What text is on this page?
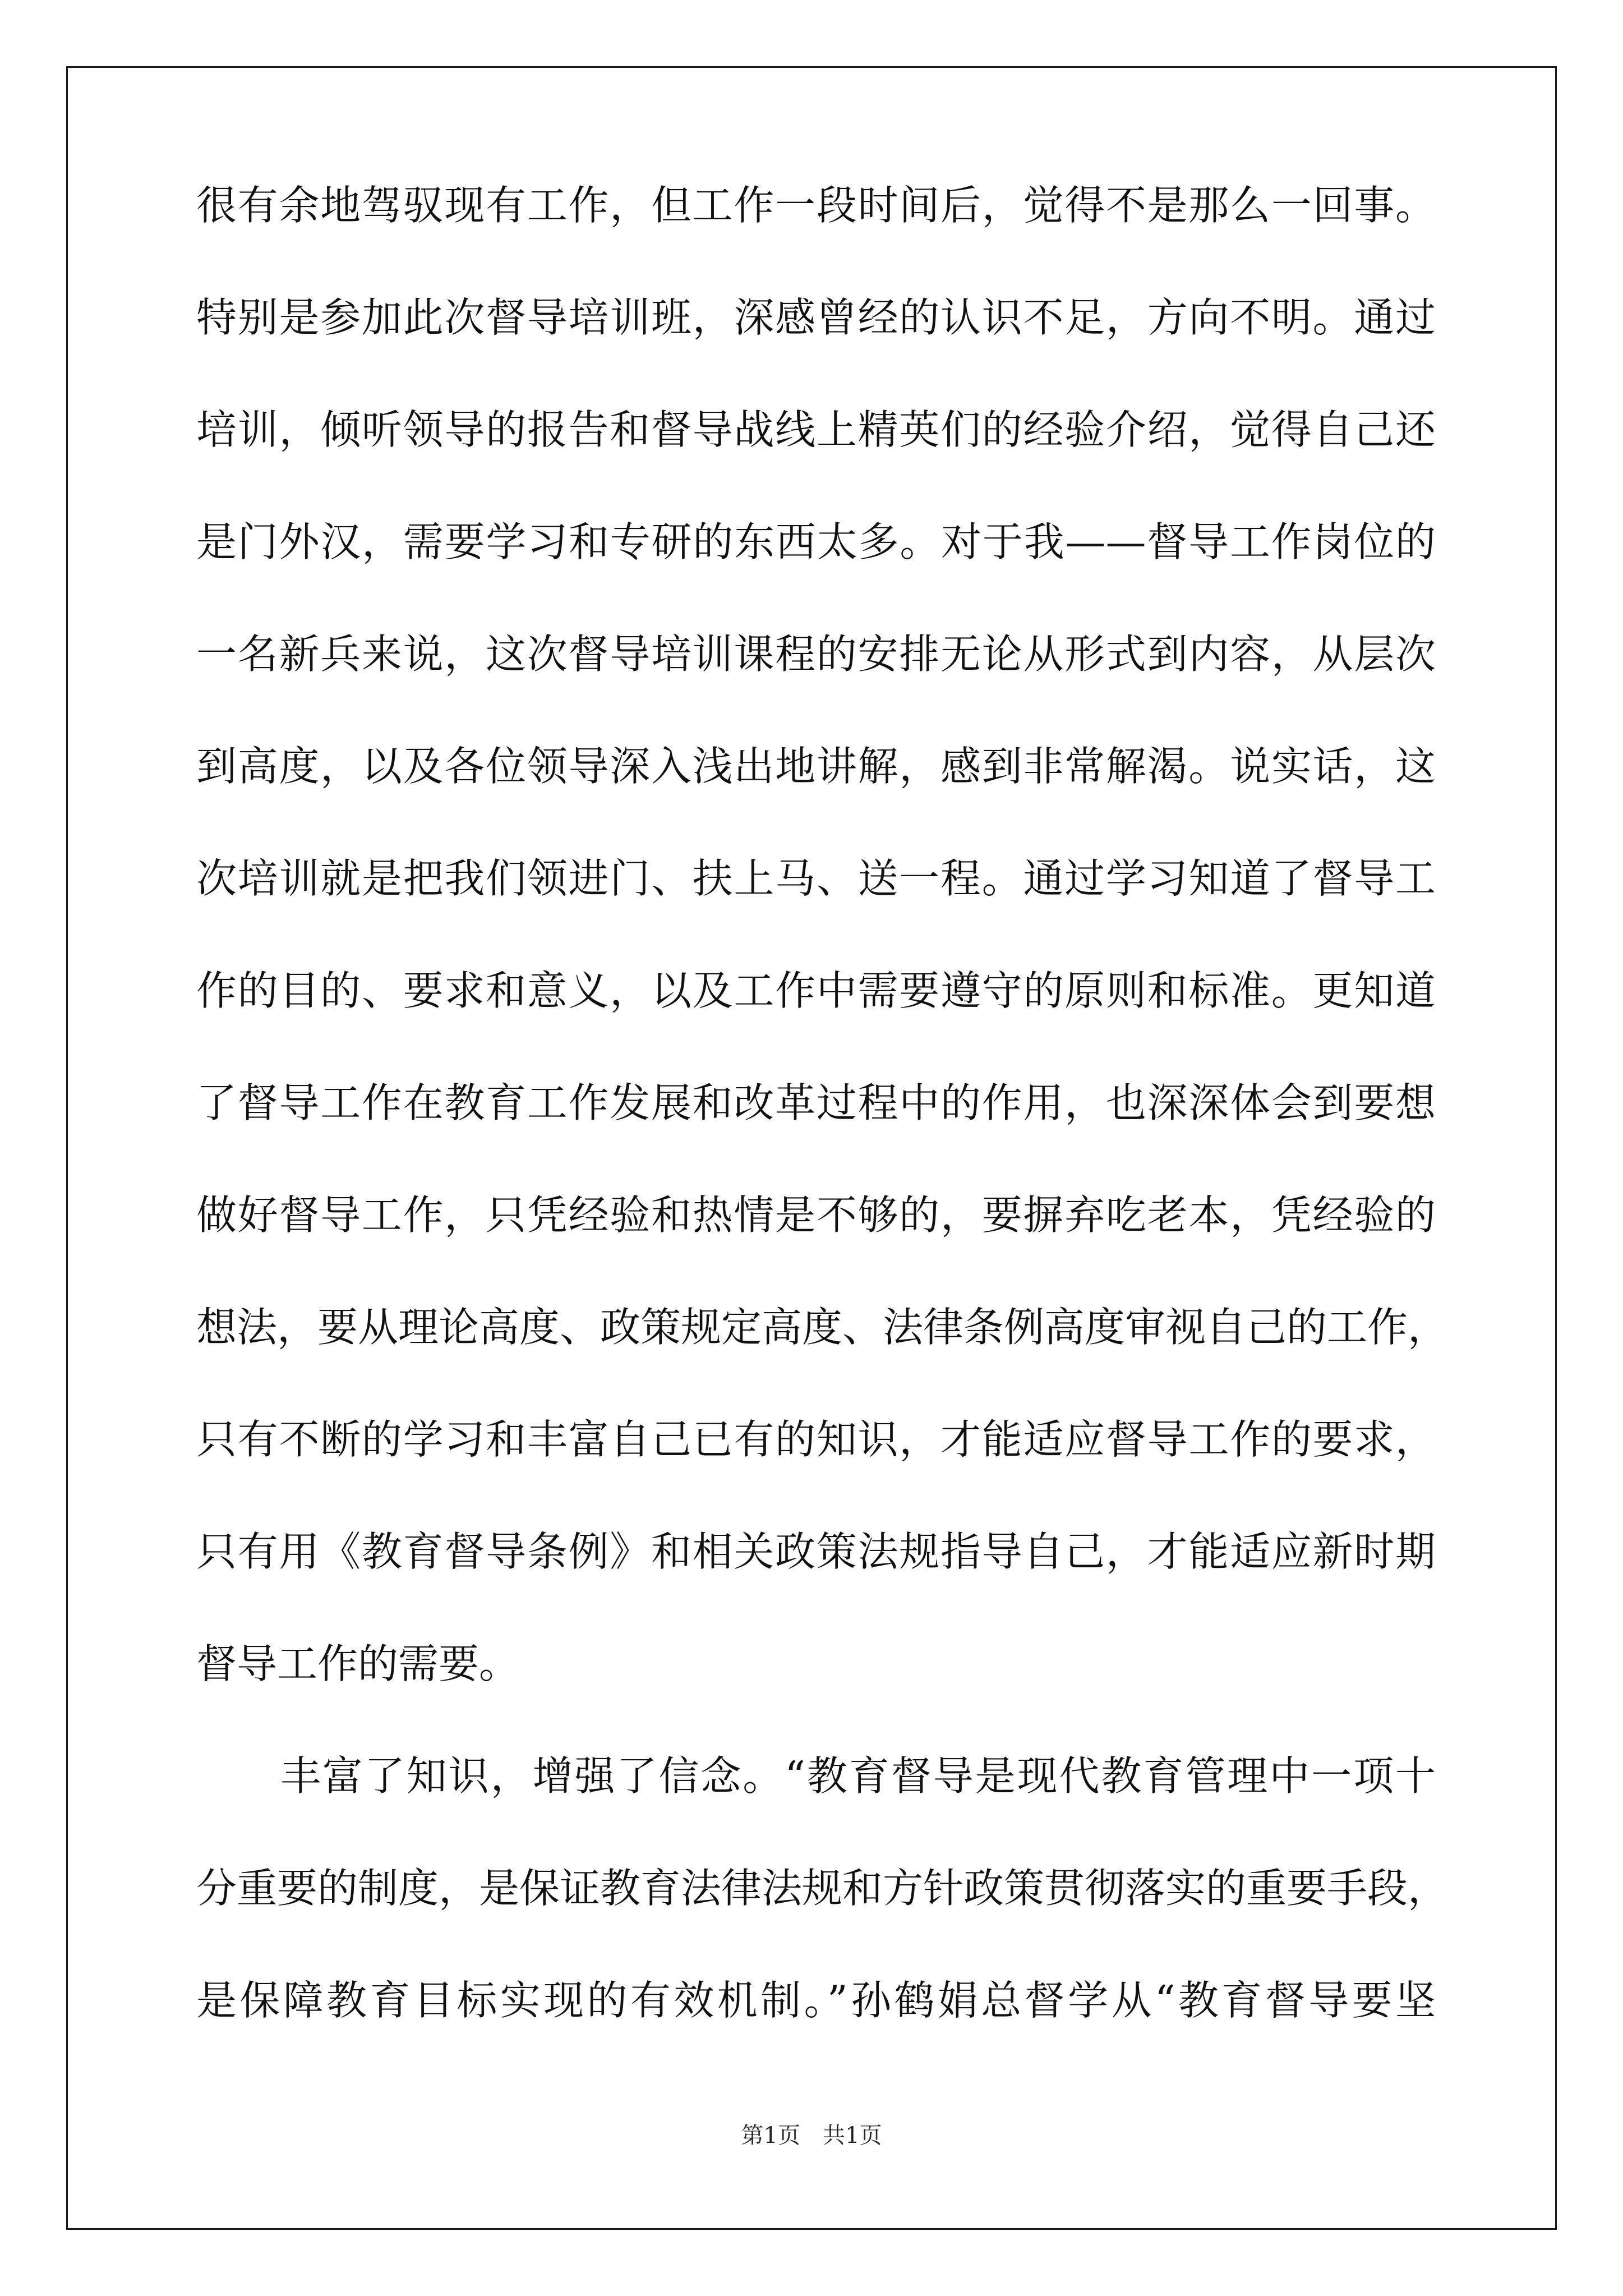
很有余地驾驭现有工作，但工作一段时间后，觉得不是那么一回事。
特别是参加此次督导培训班，深感曾经的认识不足，方向不明。通过
培训，倾听领导的报告和督导战线上精英们的经验介绍，觉得自己还
是门外汉，需要学习和专研的东西太多。对于我——督导工作岗位的
一名新兵来说，这次督导培训课程的安排无论从形式到内容，从层次
到高度，以及各位领导深入浅出地讲解，感到非常解渴。说实话，这
次培训就是把我们领进门、扶上马、送一程。通过学习知道了督导工
作的目的、要求和意义，以及工作中需要遵守的原则和标准。更知道
了督导工作在教育工作发展和改革过程中的作用，也深深体会到要想
做好督导工作，只凭经验和热情是不够的，要摒弃吃老本，凭经验的
想法，要从理论高度、政策规定高度、法律条例高度审视自己的工作，
只有不断的学习和丰富自己已有的知识，才能适应督导工作的要求，
只有用《教育督导条例》和相关政策法规指导自己，才能适应新时期
督导工作的需要。
丰富了知识，增强了信念。“教育督导是现代教育管理中一项十
分重要的制度，是保证教育法律法规和方针政策贯彻落实的重要手段，
是保障教育目标实现的有效机制。”孙鹤娟总督学从“教育督导要坚
第1页 共1页
